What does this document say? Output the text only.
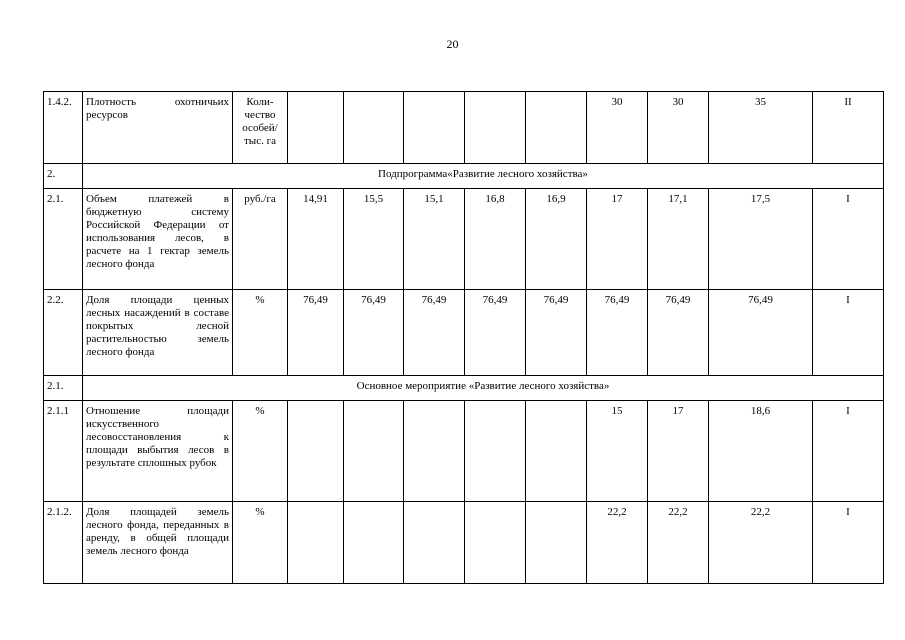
20
1.4.2.	Плотность охотничьих ресурсов	Коли-чество особей/ тыс. га						30	30	35	II
2.	Подпрограмма«Развитие лесного хозяйства»										
2.1.	Объем платежей в бюджетную систему Российской Федерации от использования лесов, в расчете на 1 гектар земель лесного фонда	руб./га	14,91	15,5	15,1	16,8	16,9	17	17,1	17,5	I
2.2.	Доля площади ценных лесных насаждений в составе покрытых лесной растительностью земель лесного фонда	%	76,49	76,49	76,49	76,49	76,49	76,49	76,49	76,49	I
2.1.	Основное мероприятие «Развитие лесного хозяйства»										
2.1.1	Отношение площади искусственного лесовосстановления к площади выбытия лесов в результате сплошных рубок	%						15	17	18,6	I
2.1.2.	Доля площадей земель лесного фонда, переданных в аренду, в общей площади земель лесного фонда	%						22,2	22,2	22,2	I
